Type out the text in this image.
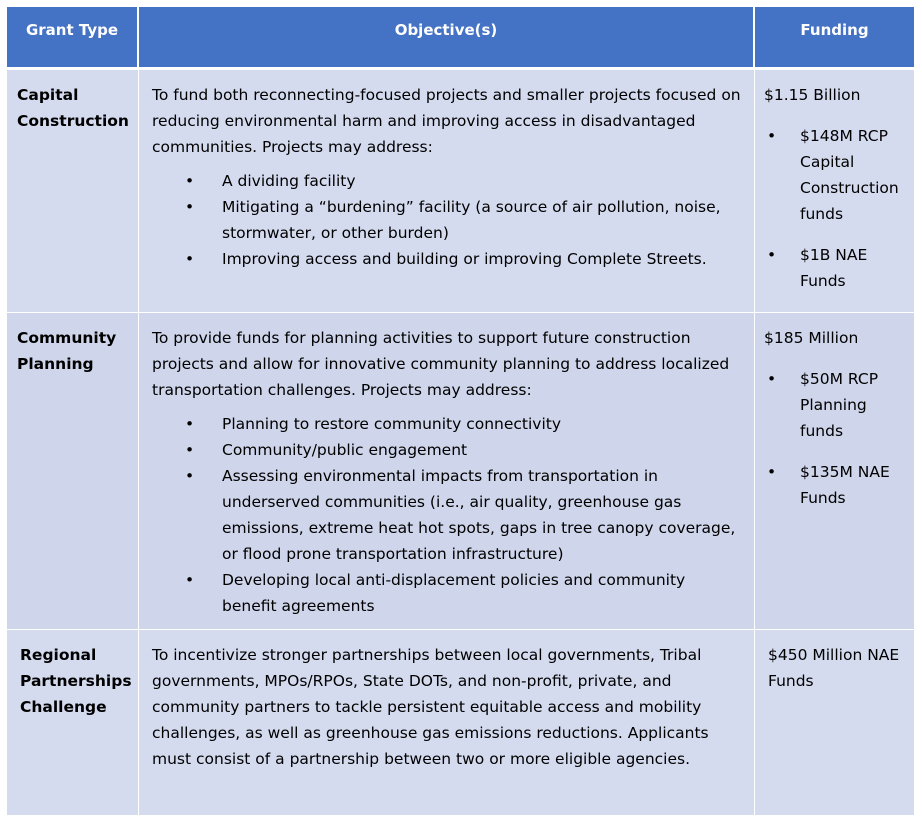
Grant Type	Objective(s)	Funding
Capital
Construction
To fund both reconnecting-focused projects and smaller projects focused on reducing environmental harm and improving access in disadvantaged communities. Projects may address:
• A dividing facility
• Mitigating a “burdening” facility (a source of air pollution, noise, stormwater, or other burden)
• Improving access and building or improving Complete Streets.
$1.15 Billion
• $148M RCP Capital Construction funds
• $1B NAE Funds
Community
Planning
To provide funds for planning activities to support future construction projects and allow for innovative community planning to address localized transportation challenges. Projects may address:
• Planning to restore community connectivity
• Community/public engagement
• Assessing environmental impacts from transportation in underserved communities (i.e., air quality, greenhouse gas emissions, extreme heat hot spots, gaps in tree canopy coverage, or flood prone transportation infrastructure)
• Developing local anti-displacement policies and community benefit agreements
$185 Million
• $50M RCP Planning funds
• $135M NAE Funds
Regional
Partnerships
Challenge
To incentivize stronger partnerships between local governments, Tribal governments, MPOs/RPOs, State DOTs, and non-profit, private, and community partners to tackle persistent equitable access and mobility challenges, as well as greenhouse gas emissions reductions. Applicants must consist of a partnership between two or more eligible agencies.
$450 Million NAE Funds
